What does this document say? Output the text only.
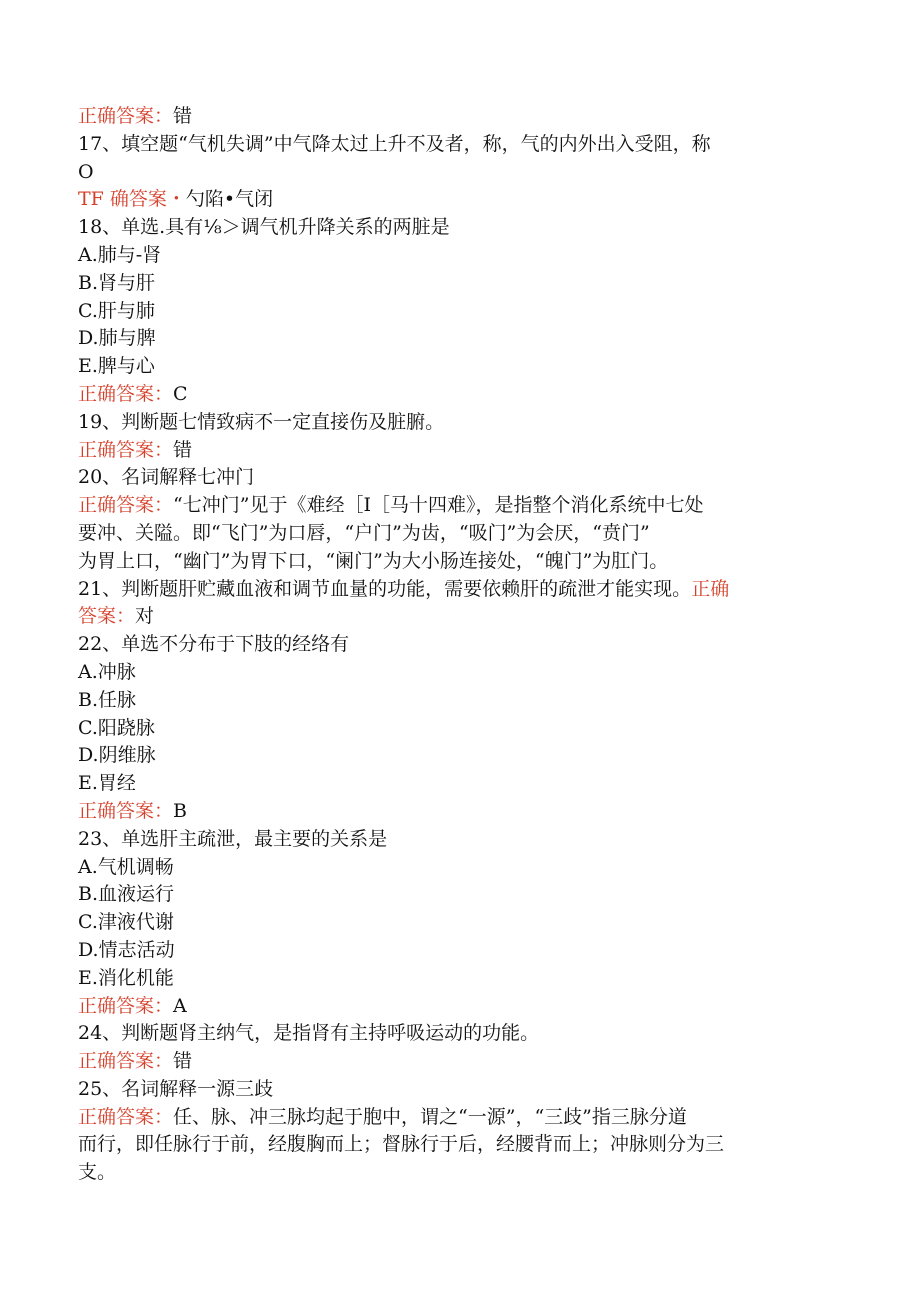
正确答案：错
17、填空题“气机失调”中气降太过上升不及者，称，气的内外出入受阻，称
O
TF 确答案・勺陷•气闭
18、单选.具有⅛＞调气机升降关系的两脏是
A.肺与-肾
B.肾与肝
C.肝与肺
D.肺与脾
E.脾与心
正确答案：C
19、判断题七情致病不一定直接伤及脏腑。
正确答案：错
20、名词解释七冲门
正确答案：“七冲门”见于《难经［I［马十四难》，是指整个消化系统中七处
要冲、关隘。即“飞门”为口唇，“户门”为齿，“吸门”为会厌，“贲门”
为胃上口，“幽门”为胃下口，“阑门”为大小肠连接处，“魄门”为肛门。
21、判断题肝贮藏血液和调节血量的功能，需要依赖肝的疏泄才能实现。正确
答案：对
22、单选不分布于下肢的经络有
A.冲脉
B.任脉
C.阳跷脉
D.阴维脉
E.胃经
正确答案：B
23、单选肝主疏泄，最主要的关系是
A.气机调畅
B.血液运行
C.津液代谢
D.情志活动
E.消化机能
正确答案：A
24、判断题肾主纳气，是指肾有主持呼吸运动的功能。
正确答案：错
25、名词解释一源三歧
正确答案：任、脉、冲三脉均起于胞中，谓之“一源”，“三歧”指三脉分道
而行，即任脉行于前，经腹胸而上；督脉行于后，经腰背而上；冲脉则分为三
支。
